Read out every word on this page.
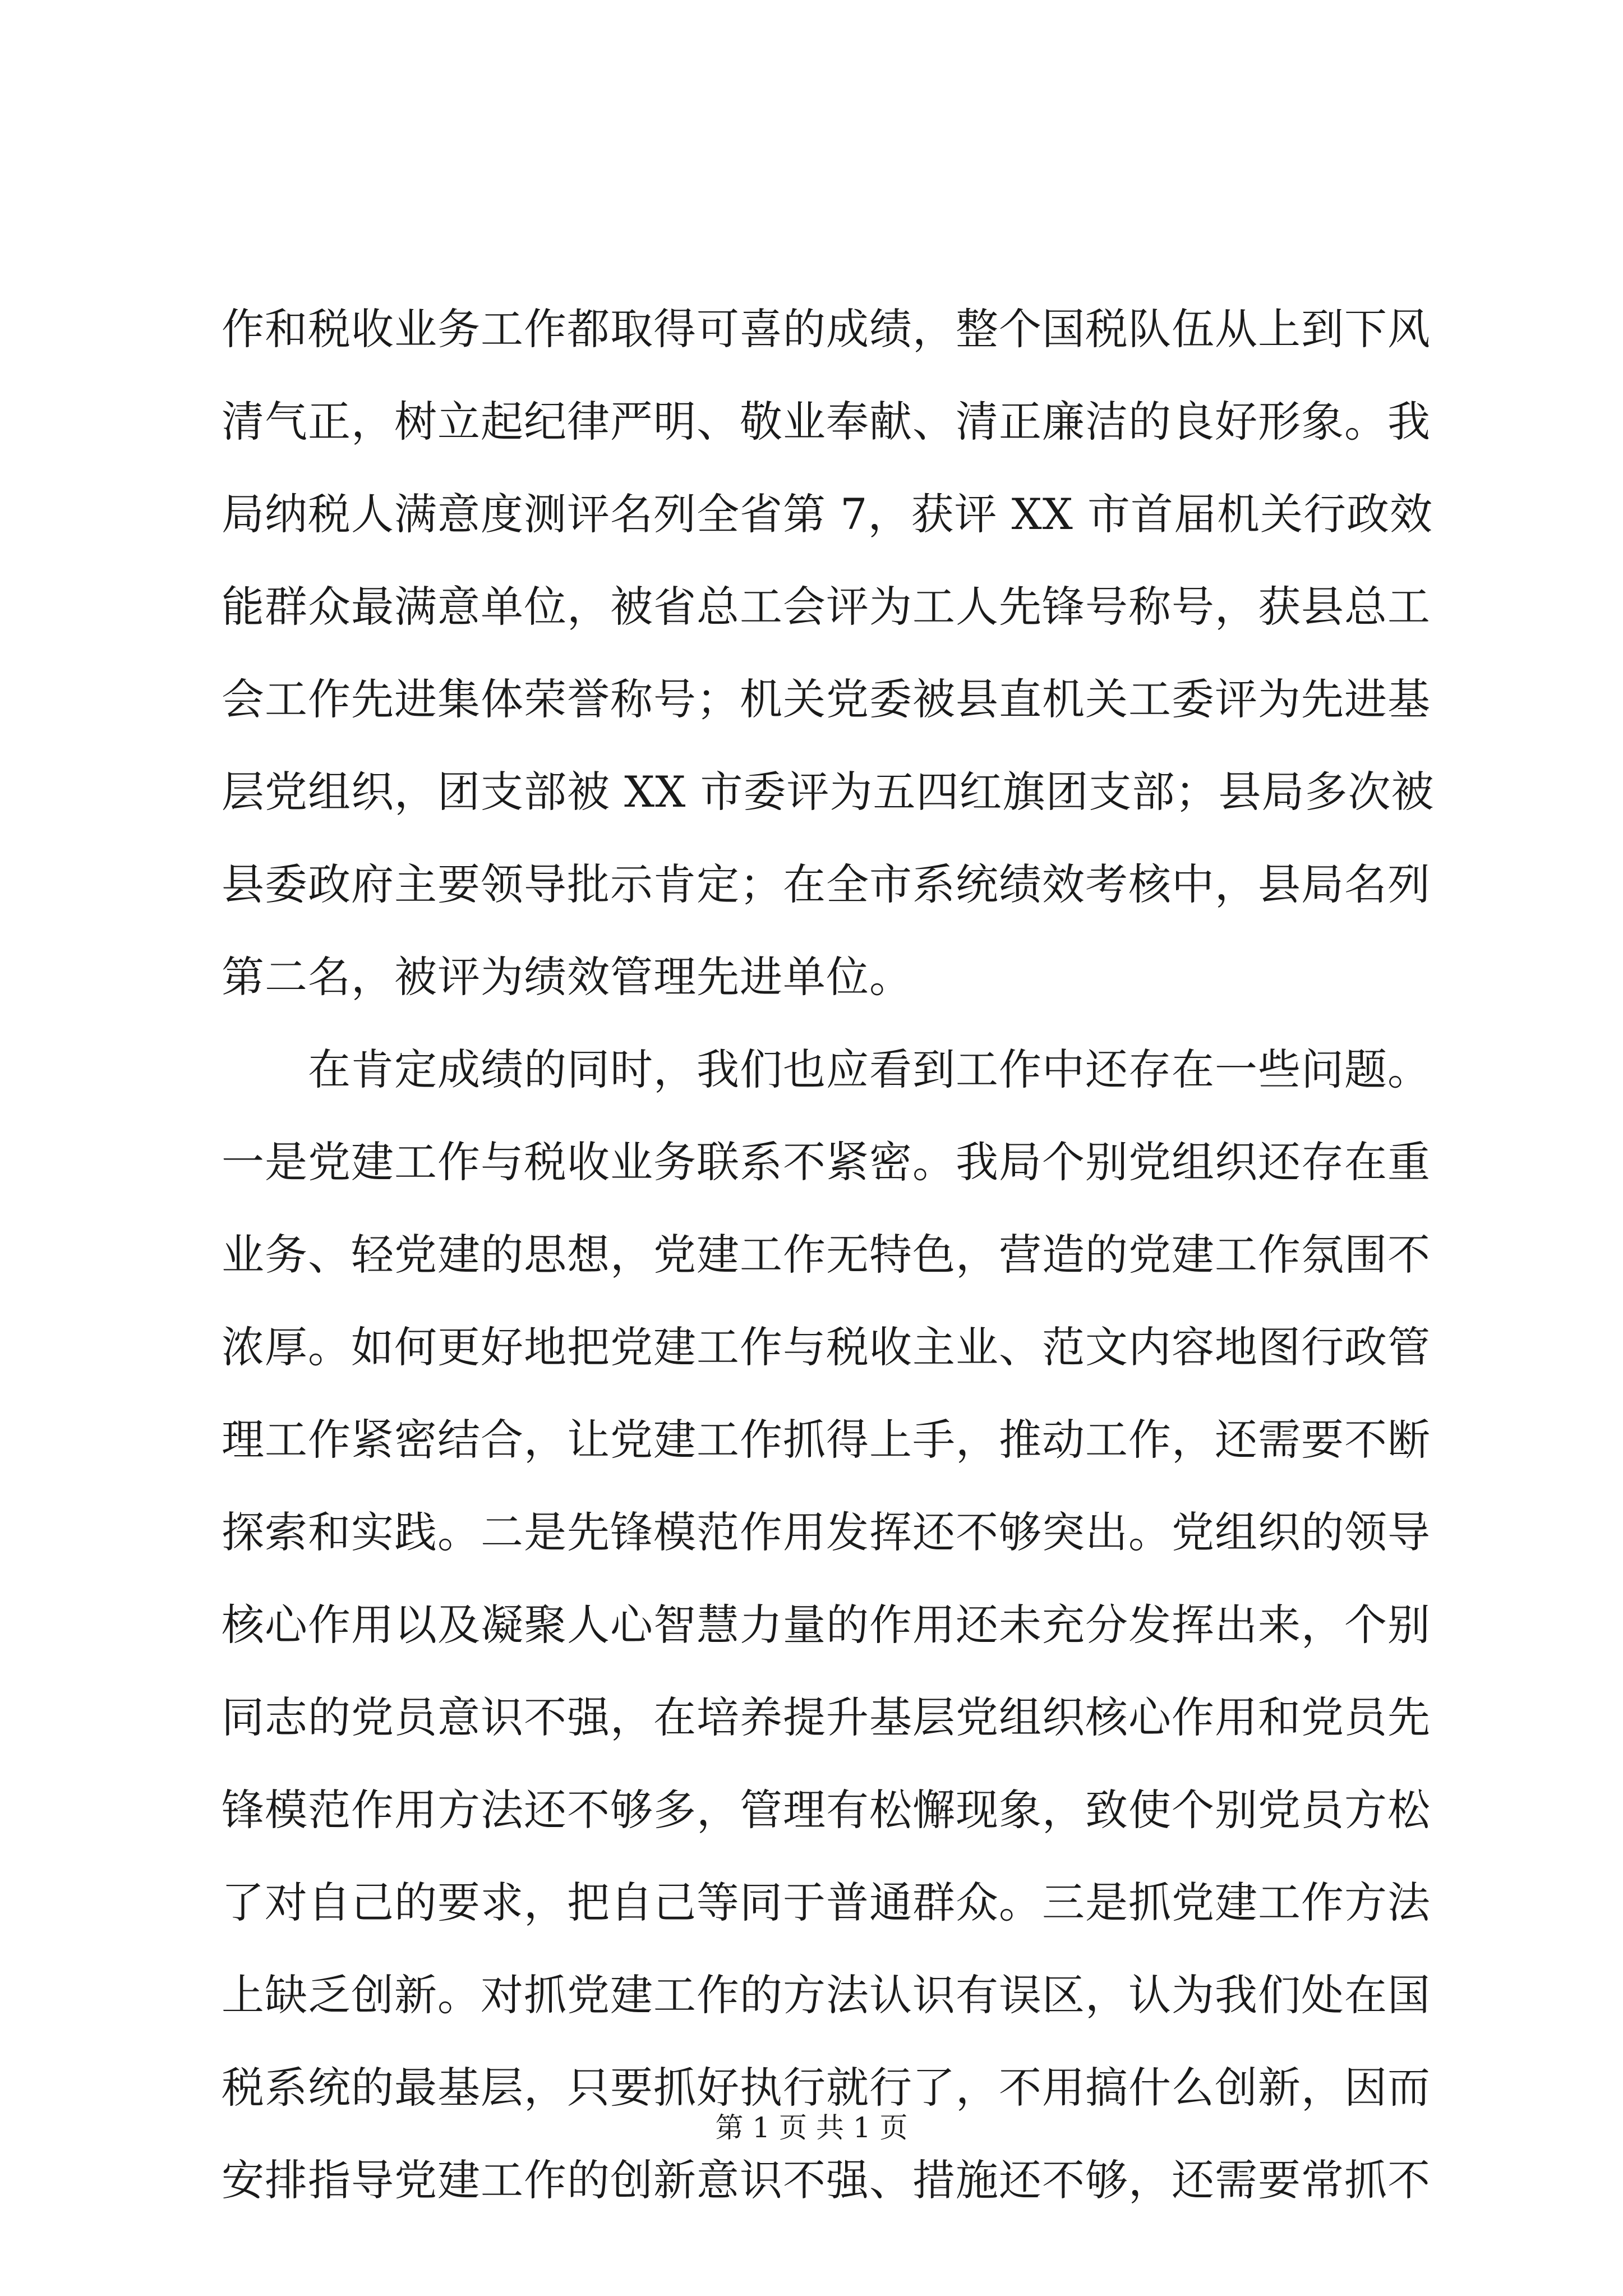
作和税收业务工作都取得可喜的成绩，整个国税队伍从上到下风
清气正，树立起纪律严明、敬业奉献、清正廉洁的良好形象。我
局纳税人满意度测评名列全省第 7，获评 XX 市首届机关行政效
能群众最满意单位，被省总工会评为工人先锋号称号，获县总工
会工作先进集体荣誉称号；机关党委被县直机关工委评为先进基
层党组织，团支部被 XX 市委评为五四红旗团支部；县局多次被
县委政府主要领导批示肯定；在全市系统绩效考核中，县局名列
第二名，被评为绩效管理先进单位。
　　在肯定成绩的同时，我们也应看到工作中还存在一些问题。
一是党建工作与税收业务联系不紧密。我局个别党组织还存在重
业务、轻党建的思想，党建工作无特色，营造的党建工作氛围不
浓厚。如何更好地把党建工作与税收主业、范文内容地图行政管
理工作紧密结合，让党建工作抓得上手，推动工作，还需要不断
探索和实践。二是先锋模范作用发挥还不够突出。党组织的领导
核心作用以及凝聚人心智慧力量的作用还未充分发挥出来，个别
同志的党员意识不强，在培养提升基层党组织核心作用和党员先
锋模范作用方法还不够多，管理有松懈现象，致使个别党员方松
了对自己的要求，把自己等同于普通群众。三是抓党建工作方法
上缺乏创新。对抓党建工作的方法认识有误区，认为我们处在国
税系统的最基层，只要抓好执行就行了，不用搞什么创新，因而
安排指导党建工作的创新意识不强、措施还不够，还需要常抓不
第 1 页 共 1 页
